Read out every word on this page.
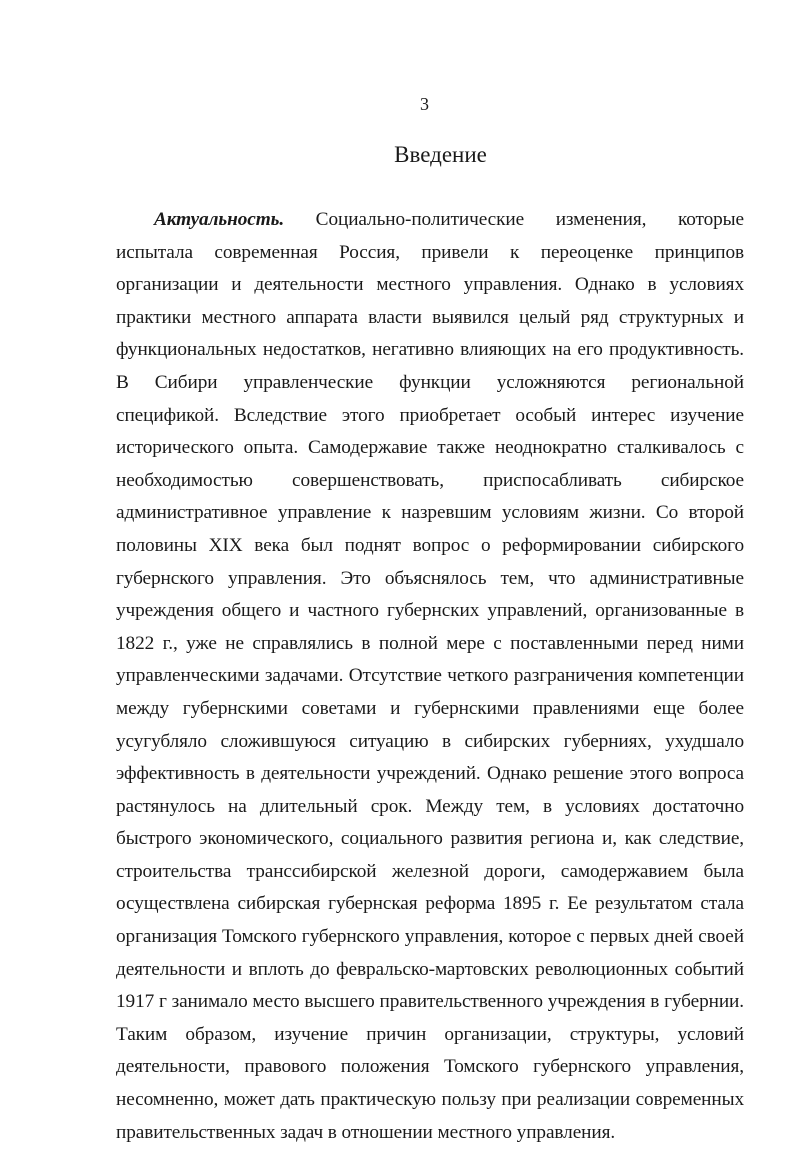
3
Введение

Актуальность. Социально-политические изменения, которые испытала современная Россия, привели к переоценке принципов организации и деятельности местного управления. Однако в условиях практики местного аппарата власти выявился целый ряд структурных и функциональных недостатков, негативно влияющих на его продуктивность. В Сибири управленческие функции усложняются региональной спецификой. Вследствие этого приобретает особый интерес изучение исторического опыта. Самодержавие также неоднократно сталкивалось с необходимостью совершенствовать, приспосабливать сибирское административное управление к назревшим условиям жизни. Со второй половины XIX века был поднят вопрос о реформировании сибирского губернского управления. Это объяснялось тем, что административные учреждения общего и частного губернских управлений, организованные в 1822 г., уже не справлялись в полной мере с поставленными перед ними управленческими задачами. Отсутствие четкого разграничения компетенции между губернскими советами и губернскими правлениями еще более усугубляло сложившуюся ситуацию в сибирских губерниях, ухудшало эффективность в деятельности учреждений. Однако решение этого вопроса растянулось на длительный срок. Между тем, в условиях достаточно быстрого экономического, социального развития региона и, как следствие, строительства транссибирской железной дороги, самодержавием была осуществлена сибирская губернская реформа 1895 г. Ее результатом стала организация Томского губернского управления, которое с первых дней своей деятельности и вплоть до февральско-мартовских революционных событий 1917 г занимало место высшего правительственного учреждения в губернии. Таким образом, изучение причин организации, структуры, условий деятельности, правового положения Томского губернского управления, несомненно, может дать практическую пользу при реализации современных правительственных задач в отношении местного управления.
